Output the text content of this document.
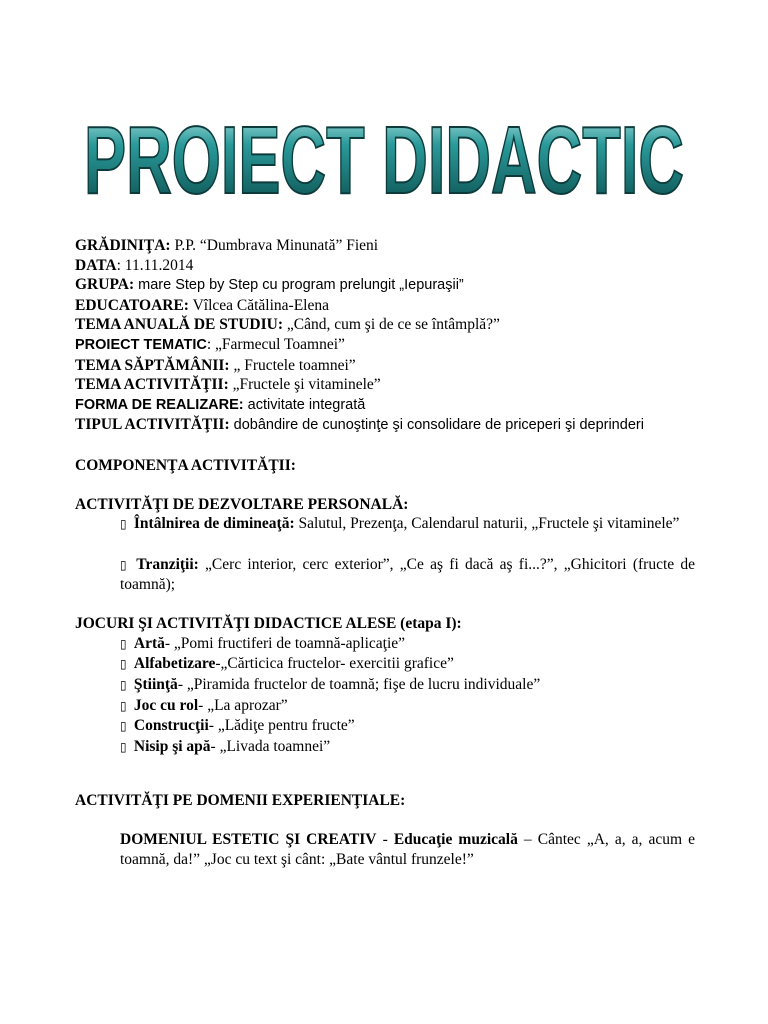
PROIECT DIDACTIC
GRĂDINIŢA: P.P. “Dumbrava Minunată” Fieni
DATA: 11.11.2014
GRUPA: mare Step by Step cu program prelungit „Iepuraşii”
EDUCATOARE: Vîlcea Cătălina-Elena
TEMA ANUALĂ DE STUDIU: „Când, cum şi de ce se întâmplă?”
PROIECT TEMATIC: „Farmecul Toamnei”
TEMA SĂPTĂMÂNII: „ Fructele toamnei”
TEMA ACTIVITĂŢII: „Fructele şi vitaminele”
FORMA DE REALIZARE: activitate integrată
TIPUL ACTIVITĂŢII: dobândire de cunoştinţe şi consolidare de priceperi şi deprinderi
COMPONENŢA ACTIVITĂŢII:
ACTIVITĂŢI DE DEZVOLTARE PERSONALĂ:
▯ Întâlnirea de dimineaţă: Salutul, Prezenţa, Calendarul naturii, „Fructele şi vitaminele”
▯ Tranziţii: „Cerc interior, cerc exterior”, „Ce aş fi dacă aş fi...?”, „Ghicitori (fructe de toamnă);
JOCURI ŞI ACTIVITĂŢI DIDACTICE ALESE (etapa I):
▯ Artă- „Pomi fructiferi de toamnă-aplicaţie”
▯ Alfabetizare-„Cărticica fructelor- exercitii grafice”
▯ Ştiinţă- „Piramida fructelor de toamnă; fişe de lucru individuale”
▯ Joc cu rol- „La aprozar”
▯ Construcţii- „Lădiţe pentru fructe”
▯ Nisip şi apă- „Livada toamnei”
ACTIVITĂŢI PE DOMENII EXPERIENŢIALE:
DOMENIUL ESTETIC ŞI CREATIV - Educaţie muzicală – Cântec „A, a, a, acum e toamnă, da!” „Joc cu text şi cânt: „Bate vântul frunzele!”
